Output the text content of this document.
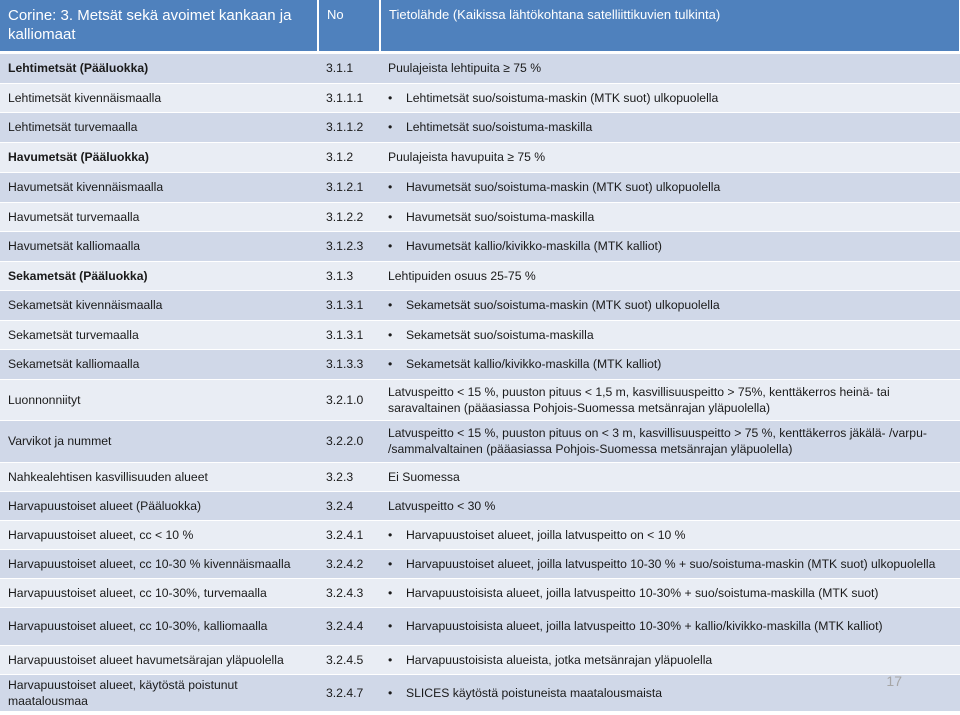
Corine: 3. Metsät sekä avoimet kankaan ja kalliomaat	No	Tietolähde (Kaikissa lähtökohtana satelliittikuvien tulkinta)
Lehtimetsät (Pääluokka)	3.1.1	Puulajeista lehtipuita ≥ 75 %
Lehtimetsät kivennäismaalla	3.1.1.1	• Lehtimetsät suo/soistuma-maskin (MTK suot) ulkopuolella
Lehtimetsät turvemaalla	3.1.1.2	• Lehtimetsät suo/soistuma-maskilla
Havumetsät (Pääluokka)	3.1.2	Puulajeista havupuita ≥ 75 %
Havumetsät kivennäismaalla	3.1.2.1	• Havumetsät suo/soistuma-maskin (MTK suot) ulkopuolella
Havumetsät turvemaalla	3.1.2.2	• Havumetsät suo/soistuma-maskilla
Havumetsät kalliomaalla	3.1.2.3	• Havumetsät kallio/kivikko-maskilla (MTK kalliot)
Sekametsät (Pääluokka)	3.1.3	Lehtipuiden osuus 25-75 %
Sekametsät kivennäismaalla	3.1.3.1	• Sekametsät suo/soistuma-maskin (MTK suot) ulkopuolella
Sekametsät turvemaalla	3.1.3.1	• Sekametsät suo/soistuma-maskilla
Sekametsät kalliomaalla	3.1.3.3	• Sekametsät kallio/kivikko-maskilla (MTK kalliot)
Luonnonniityt	3.2.1.0	Latvuspeitto < 15 %, puuston pituus < 1,5 m, kasvillisuuspeitto > 75%, kenttäkerros heinä- tai saravaltainen (pääasiassa Pohjois-Suomessa metsänrajan yläpuolella)
Varvikot ja nummet	3.2.2.0	Latvuspeitto < 15 %, puuston pituus on < 3 m, kasvillisuuspeitto > 75 %, kenttäkerros jäkälä- /varpu- /sammalvaltainen (pääasiassa Pohjois-Suomessa metsänrajan yläpuolella)
Nahkealehtisen kasvillisuuden alueet	3.2.3	Ei Suomessa
Harvapuustoiset alueet (Pääluokka)	3.2.4	Latvuspeitto < 30 %
Harvapuustoiset alueet, cc < 10 %	3.2.4.1	• Harvapuustoiset alueet, joilla latvuspeitto on < 10 %
Harvapuustoiset alueet, cc 10-30 % kivennäismaalla	3.2.4.2	• Harvapuustoiset alueet, joilla latvuspeitto 10-30 % + suo/soistuma-maskin (MTK suot) ulkopuolella
Harvapuustoiset alueet, cc 10-30%, turvemaalla	3.2.4.3	• Harvapuustoisista alueet, joilla latvuspeitto 10-30% + suo/soistuma-maskilla (MTK suot)
Harvapuustoiset alueet, cc 10-30%, kalliomaalla	3.2.4.4	• Harvapuustoisista alueet, joilla latvuspeitto 10-30% + kallio/kivikko-maskilla (MTK kalliot)
Harvapuustoiset alueet havumetsärajan yläpuolella	3.2.4.5	• Harvapuustoisista alueista, jotka metsänrajan yläpuolella
Harvapuustoiset alueet, käytöstä poistunut maatalousmaa	3.2.4.7	• SLICES käytöstä poistuneista maatalousmaista
17
